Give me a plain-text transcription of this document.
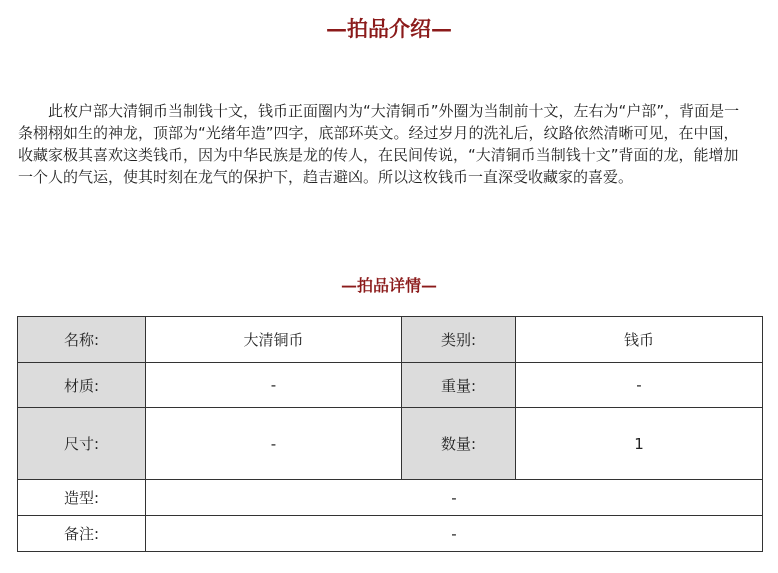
—拍品介绍—

此枚户部大清铜币当制钱十文，钱币正面圈内为“大清铜币”外圈为当制前十文，左右为“户部”，背面是一条栩栩如生的神龙，顶部为“光绪年造”四字，底部环英文。经过岁月的洗礼后，纹路依然清晰可见，在中国，收藏家极其喜欢这类钱币，因为中华民族是龙的传人，在民间传说，“大清铜币当制钱十文”背面的龙，能增加一个人的气运，使其时刻在龙气的保护下，趋吉避凶。所以这枚钱币一直深受收藏家的喜爱。

—拍品详情—
名称:	大清铜币	类别:	钱币
材质:	-	重量:	-
尺寸:	-	数量:	1
造型:	-		
备注:	-		
